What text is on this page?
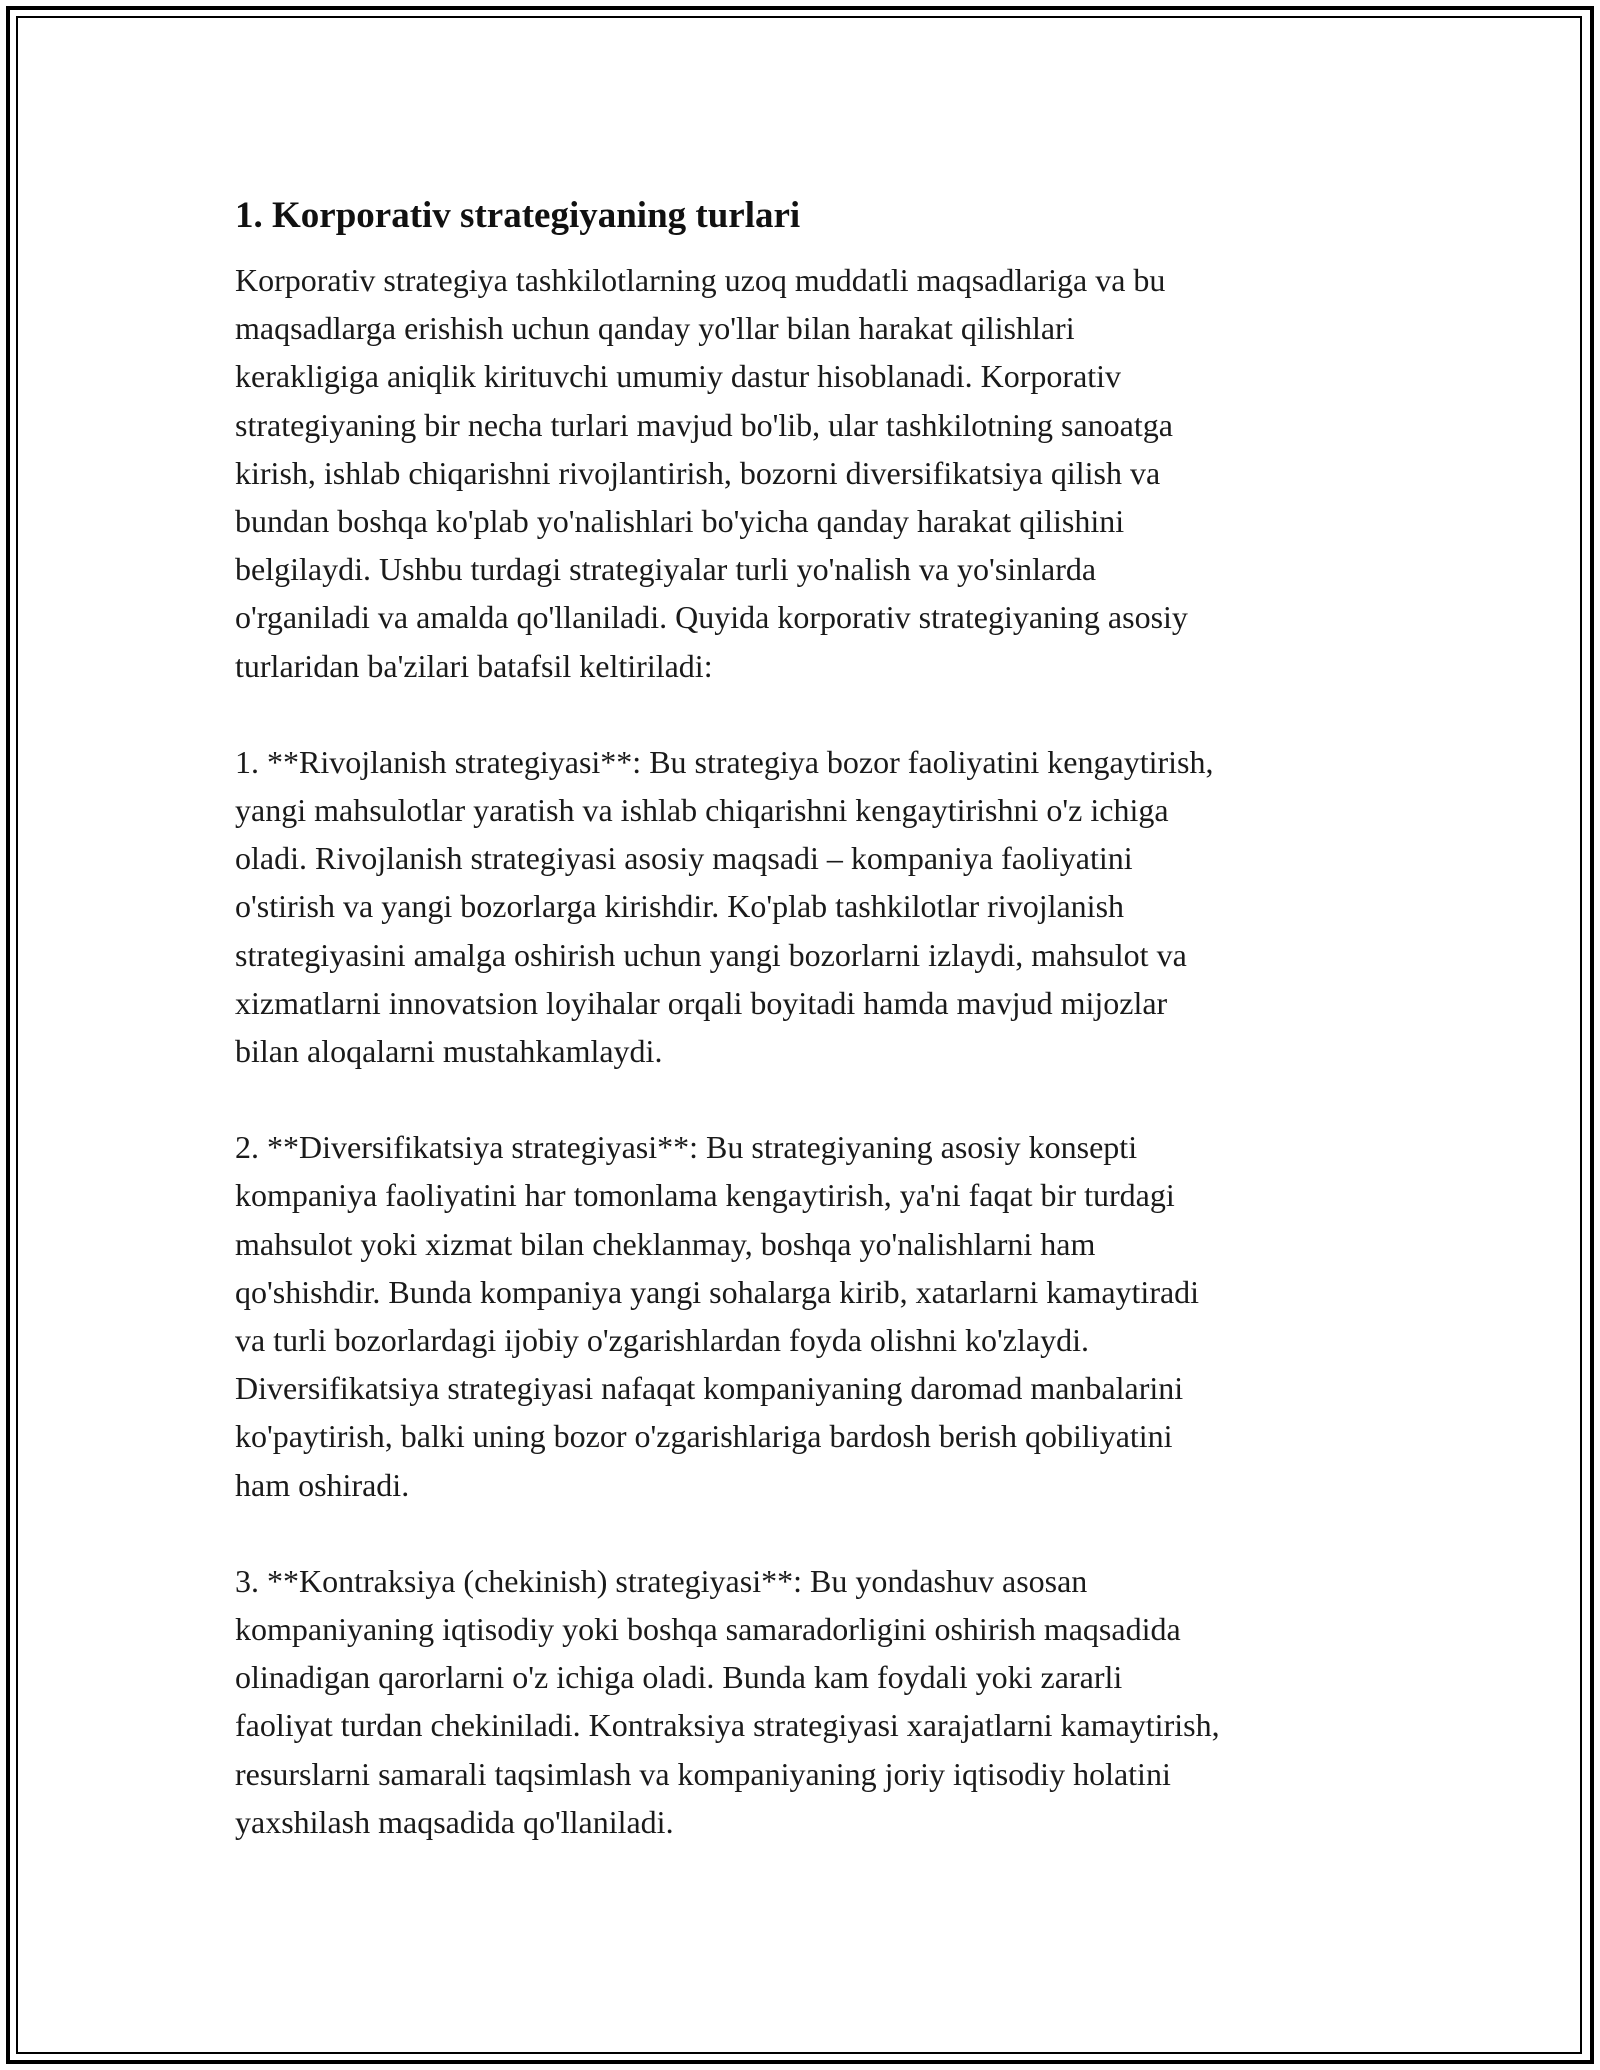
1. Korporativ strategiyaning turlari

Korporativ strategiya tashkilotlarning uzoq muddatli maqsadlariga va bu
maqsadlarga erishish uchun qanday yo'llar bilan harakat qilishlari
kerakligiga aniqlik kirituvchi umumiy dastur hisoblanadi. Korporativ
strategiyaning bir necha turlari mavjud bo'lib, ular tashkilotning sanoatga
kirish, ishlab chiqarishni rivojlantirish, bozorni diversifikatsiya qilish va
bundan boshqa ko'plab yo'nalishlari bo'yicha qanday harakat qilishini
belgilaydi. Ushbu turdagi strategiyalar turli yo'nalish va yo'sinlarda
o'rganiladi va amalda qo'llaniladi. Quyida korporativ strategiyaning asosiy
turlaridan ba'zilari batafsil keltiriladi:

1. **Rivojlanish strategiyasi**: Bu strategiya bozor faoliyatini kengaytirish,
yangi mahsulotlar yaratish va ishlab chiqarishni kengaytirishni o'z ichiga
oladi. Rivojlanish strategiyasi asosiy maqsadi – kompaniya faoliyatini
o'stirish va yangi bozorlarga kirishdir. Ko'plab tashkilotlar rivojlanish
strategiyasini amalga oshirish uchun yangi bozorlarni izlaydi, mahsulot va
xizmatlarni innovatsion loyihalar orqali boyitadi hamda mavjud mijozlar
bilan aloqalarni mustahkamlaydi.

2. **Diversifikatsiya strategiyasi**: Bu strategiyaning asosiy konsepti
kompaniya faoliyatini har tomonlama kengaytirish, ya'ni faqat bir turdagi
mahsulot yoki xizmat bilan cheklanmay, boshqa yo'nalishlarni ham
qo'shishdir. Bunda kompaniya yangi sohalarga kirib, xatarlarni kamaytiradi
va turli bozorlardagi ijobiy o'zgarishlardan foyda olishni ko'zlaydi.
Diversifikatsiya strategiyasi nafaqat kompaniyaning daromad manbalarini
ko'paytirish, balki uning bozor o'zgarishlariga bardosh berish qobiliyatini
ham oshiradi.

3. **Kontraksiya (chekinish) strategiyasi**: Bu yondashuv asosan
kompaniyaning iqtisodiy yoki boshqa samaradorligini oshirish maqsadida
olinadigan qarorlarni o'z ichiga oladi. Bunda kam foydali yoki zararli
faoliyat turdan chekiniladi. Kontraksiya strategiyasi xarajatlarni kamaytirish,
resurslarni samarali taqsimlash va kompaniyaning joriy iqtisodiy holatini
yaxshilash maqsadida qo'llaniladi.
